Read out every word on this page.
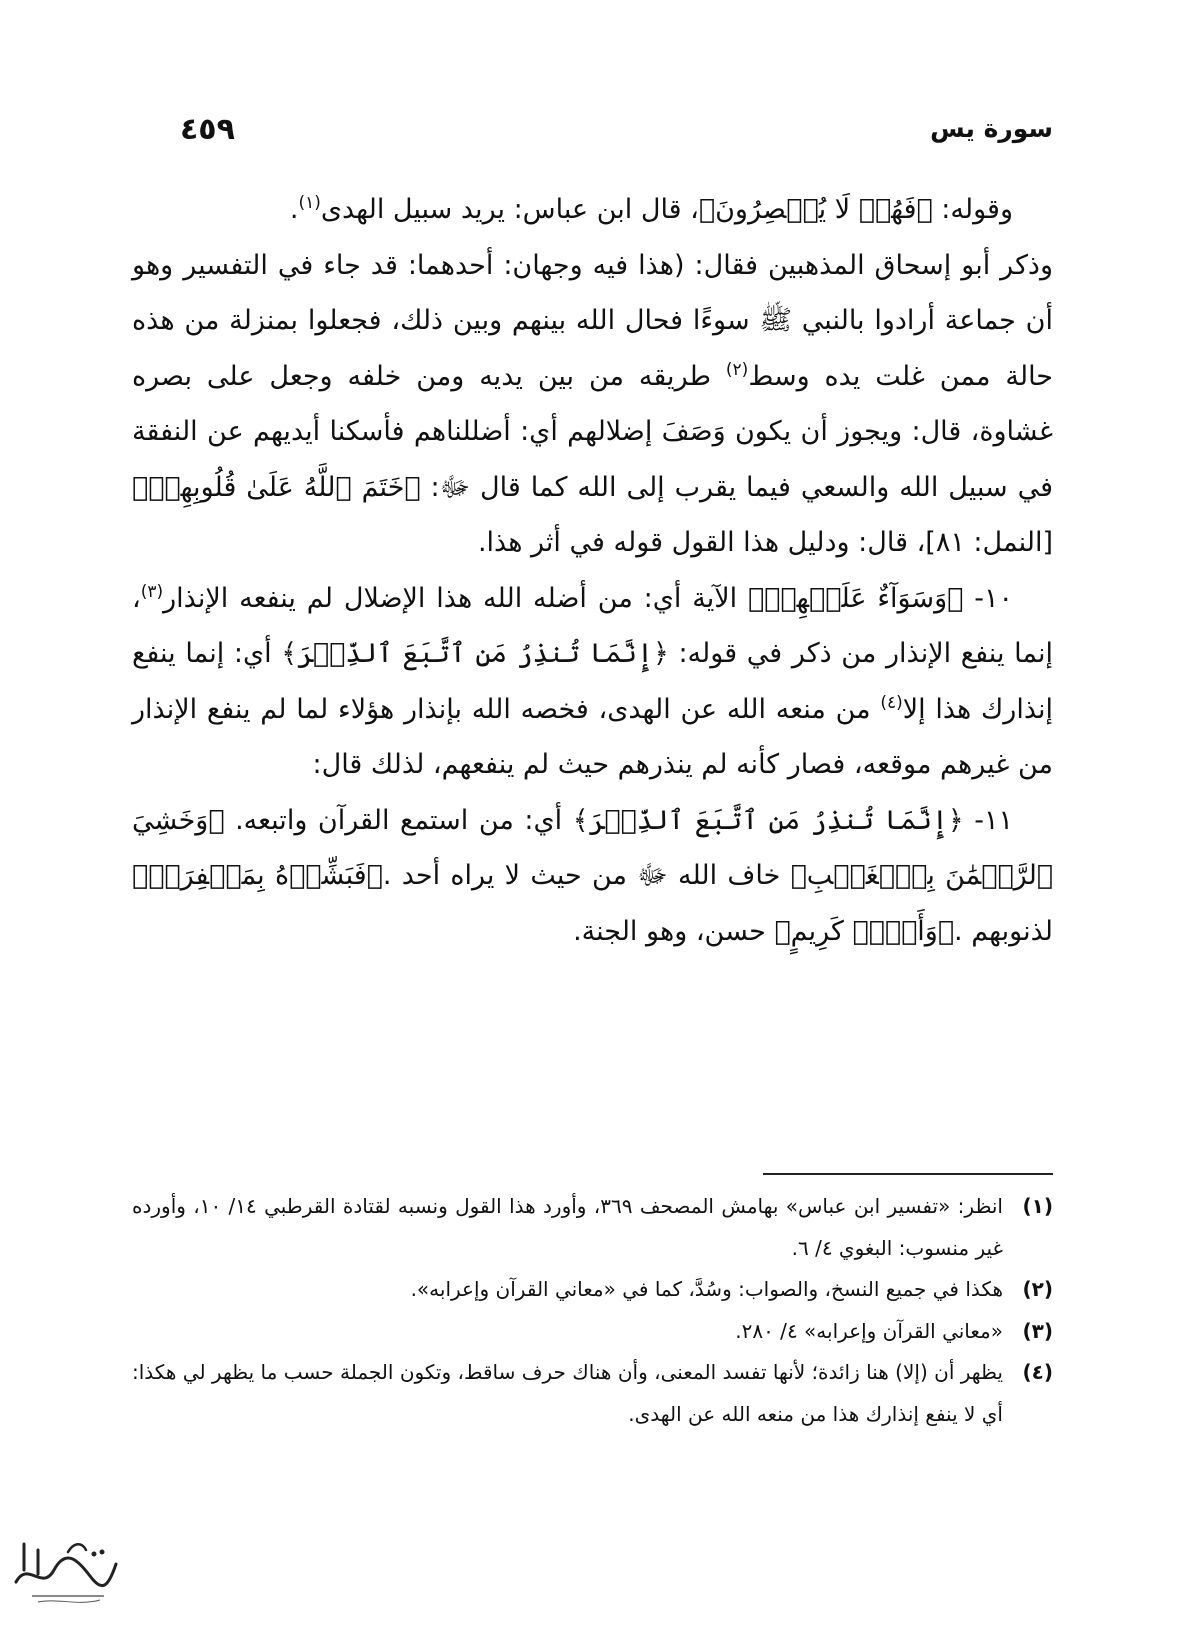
٤٥٩	سورة يس

وقوله: ﴿فَهُمۡ لَا يُبۡصِرُونَ﴾، قال ابن عباس: يريد سبيل الهدى$^{(١)}$.

وذكر أبو إسحاق المذهبين فقال: (هذا فيه وجهان: أحدهما: قد جاء في التفسير وهو أن جماعة أرادوا بالنبي ﷺ سوءًا فحال الله بينهم وبين ذلك، فجعلوا بمنزلة من هذه حالة ممن غلت يده وسط$^{(٢)}$ طريقه من بين يديه ومن خلفه وجعل على بصره غشاوة، قال: ويجوز أن يكون وَصَفَ إضلالهم أي: أضللناهم فأسكنا أيديهم عن النفقة في سبيل الله والسعي فيما يقرب إلى الله كما قال ﷻ: ﴿خَتَمَ ٱللَّهُ عَلَىٰ قُلُوبِهِمۡ﴾ [النمل: ٨١]، قال: ودليل هذا القول قوله في أثر هذا.

١٠- ﴿وَسَوَآءٌ عَلَيۡهِمۡ﴾ الآية أي: من أضله الله هذا الإضلال لم ينفعه الإنذار$^{(٣)}$، إنما ينفع الإنذار من ذكر في قوله: ﴿إِنَّمَا تُنذِرُ مَنِ ٱتَّبَعَ ٱلذِّكۡرَ﴾ أي: إنما ينفع إنذارك هذا إلا$^{(٤)}$ من منعه الله عن الهدى، فخصه الله بإنذار هؤلاء لما لم ينفع الإنذار من غيرهم موقعه، فصار كأنه لم ينذرهم حيث لم ينفعهم، لذلك قال:

١١- ﴿إِنَّمَا تُنذِرُ مَنِ ٱتَّبَعَ ٱلذِّكۡرَ﴾ أي: من استمع القرآن واتبعه. ﴿وَخَشِيَ ٱلرَّحۡمَٰنَ بِٱلۡغَيۡبِ﴾ خاف الله ﷻ من حيث لا يراه أحد .﴿فَبَشِّرۡهُ بِمَغۡفِرَةٖ﴾ لذنوبهم .﴿وَأَجۡرٖ كَرِيمٍ﴾ حسن، وهو الجنة.

(١)
انظر: «تفسير ابن عباس» بهامش المصحف ٣٦٩، وأورد هذا القول ونسبه لقتادة القرطبي ١٤/ ١٠، وأورده غير منسوب: البغوي ٤/ ٦.
(٢)
هكذا في جميع النسخ، والصواب: وسُدَّ، كما في «معاني القرآن وإعرابه».
(٣)
«معاني القرآن وإعرابه» ٤/ ٢٨٠.
(٤)
يظهر أن (إلا) هنا زائدة؛ لأنها تفسد المعنى، وأن هناك حرف ساقط، وتكون الجملة حسب ما يظهر لي هكذا: أي لا ينفع إنذارك هذا من منعه الله عن الهدى.
